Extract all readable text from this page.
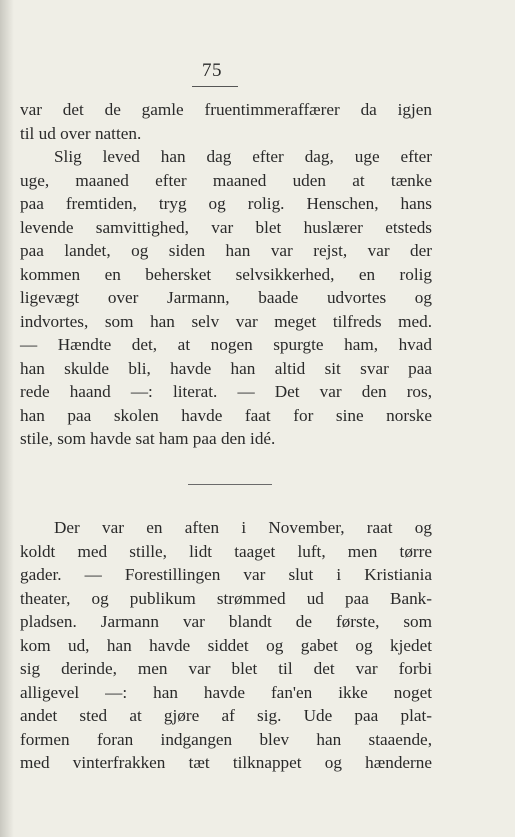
75
var det de gamle fruentimmeraffærer da igjen
til ud over natten.
Slig leved han dag efter dag, uge efter
uge, maaned efter maaned uden at tænke
paa fremtiden, tryg og rolig. Henschen, hans
levende samvittighed, var blet huslærer etsteds
paa landet, og siden han var rejst, var der
kommen en behersket selvsikkerhed, en rolig
ligevægt over Jarmann, baade udvortes og
indvortes, som han selv var meget tilfreds med.
— Hændte det, at nogen spurgte ham, hvad
han skulde bli, havde han altid sit svar paa
rede haand —: literat. — Det var den ros,
han paa skolen havde faat for sine norske
stile, som havde sat ham paa den idé.
Der var en aften i November, raat og
koldt med stille, lidt taaget luft, men tørre
gader. — Forestillingen var slut i Kristiania
theater, og publikum strømmed ud paa Bank-
pladsen. Jarmann var blandt de første, som
kom ud, han havde siddet og gabet og kjedet
sig derinde, men var blet til det var forbi
alligevel —: han havde fan'en ikke noget
andet sted at gjøre af sig. Ude paa plat-
formen foran indgangen blev han staaende,
med vinterfrakken tæt tilknappet og hænderne
